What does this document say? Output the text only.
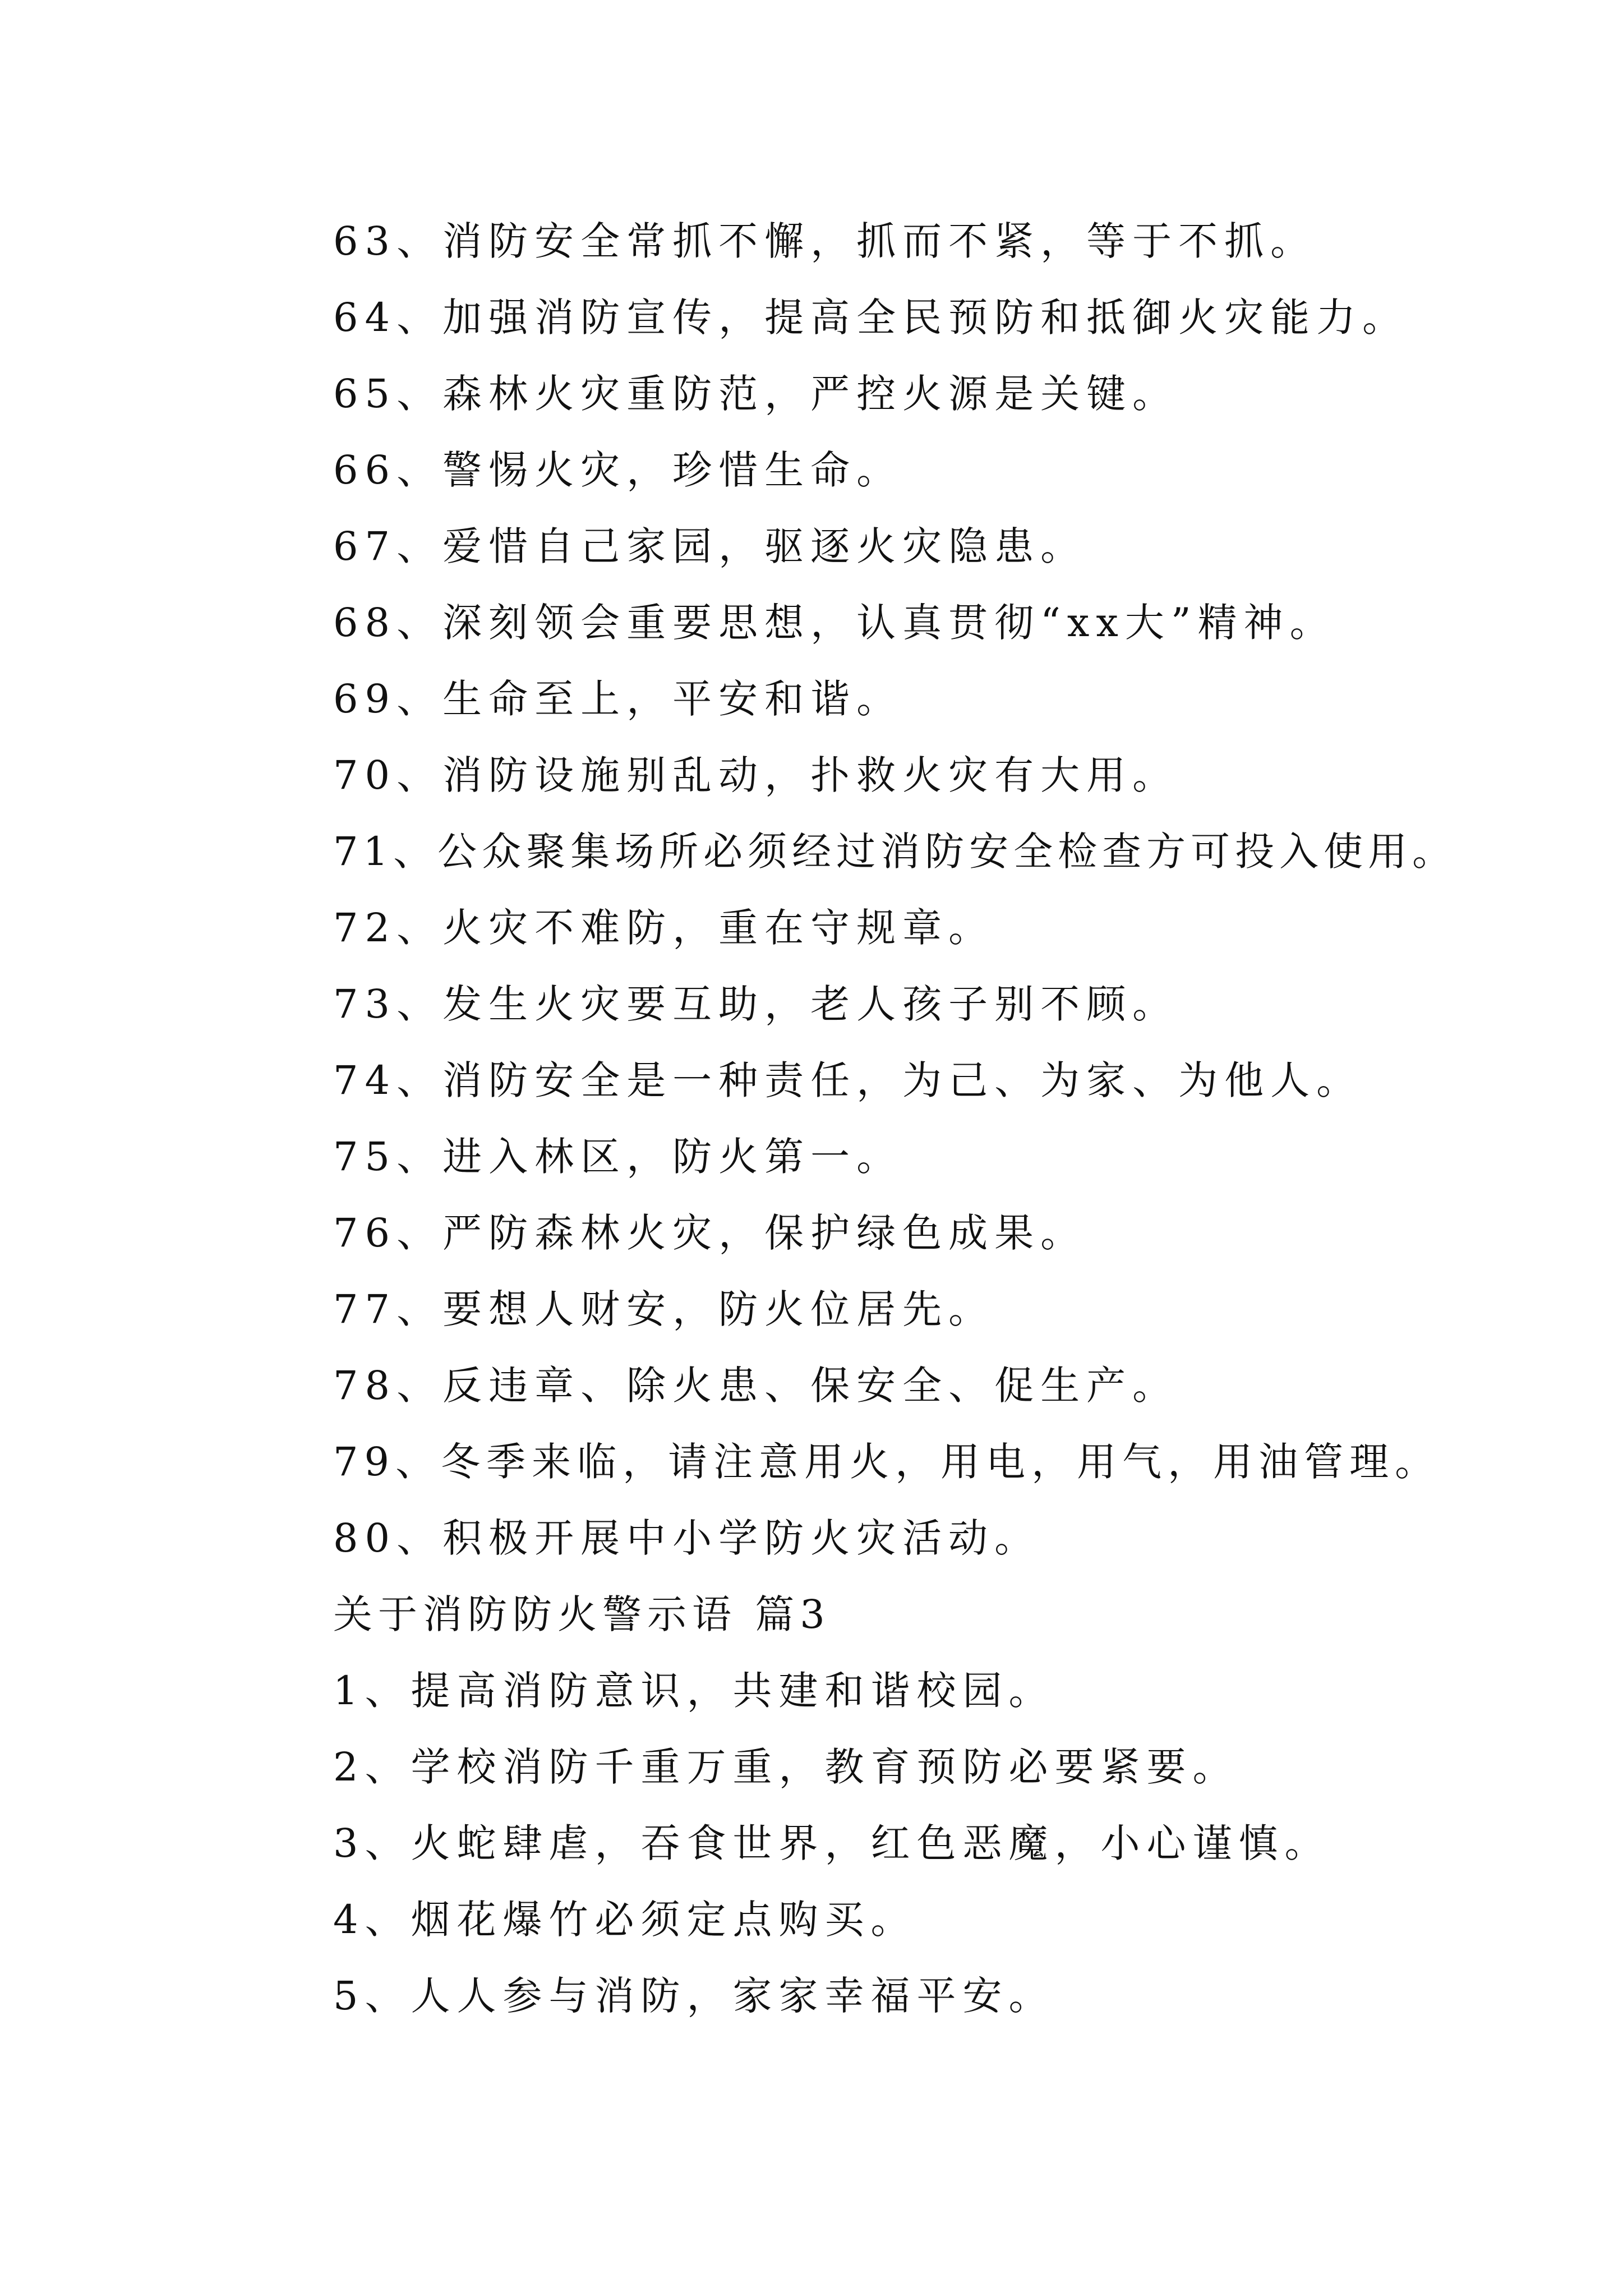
63、消防安全常抓不懈，抓而不紧，等于不抓。
64、加强消防宣传，提高全民预防和抵御火灾能力。
65、森林火灾重防范，严控火源是关键。
66、警惕火灾，珍惜生命。
67、爱惜自己家园，驱逐火灾隐患。
68、深刻领会重要思想，认真贯彻“xx大”精神。
69、生命至上，平安和谐。
70、消防设施别乱动，扑救火灾有大用。
71、公众聚集场所必须经过消防安全检查方可投入使用。
72、火灾不难防，重在守规章。
73、发生火灾要互助，老人孩子别不顾。
74、消防安全是一种责任，为己、为家、为他人。
75、进入林区，防火第一。
76、严防森林火灾，保护绿色成果。
77、要想人财安，防火位居先。
78、反违章、除火患、保安全、促生产。
79、冬季来临，请注意用火，用电，用气，用油管理。
80、积极开展中小学防火灾活动。
关于消防防火警示语 篇3
1、提高消防意识，共建和谐校园。
2、学校消防千重万重，教育预防必要紧要。
3、火蛇肆虐，吞食世界，红色恶魔，小心谨慎。
4、烟花爆竹必须定点购买。
5、人人参与消防，家家幸福平安。
